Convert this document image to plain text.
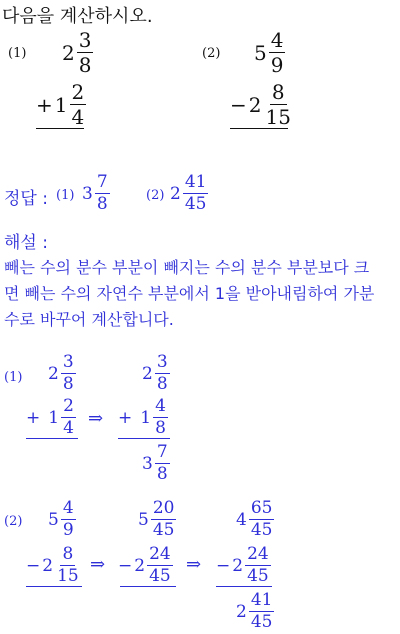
다음을 계산하시오.
(1) $2 \frac{3}{8}$
+ $1 \frac{2}{4}$
(2) $5 \frac{4}{9}$
− $2 \frac{8}{15}$
정답 : (1) $3 \frac{7}{8}$	(2) $2 \frac{41}{45}$
해설 :
빼는 수의 분수 부분이 빼지는 수의 분수 부분보다 크
면 빼는 수의 자연수 부분에서 1을 받아내림하여 가분
수로 바꾸어 계산합니다.
(1) $2 \frac{3}{8}$
+ $1 \frac{2}{4}$ ⇒
$2 \frac{3}{8}$
+ $1 \frac{4}{8}$
$3 \frac{7}{8}$
(2) $5 \frac{4}{9}$
− $2 \frac{8}{15}$ ⇒
$5 \frac{20}{45}$
− $2 \frac{24}{45}$ ⇒
$4 \frac{65}{45}$
− $2 \frac{24}{45}$
$2 \frac{41}{45}$
